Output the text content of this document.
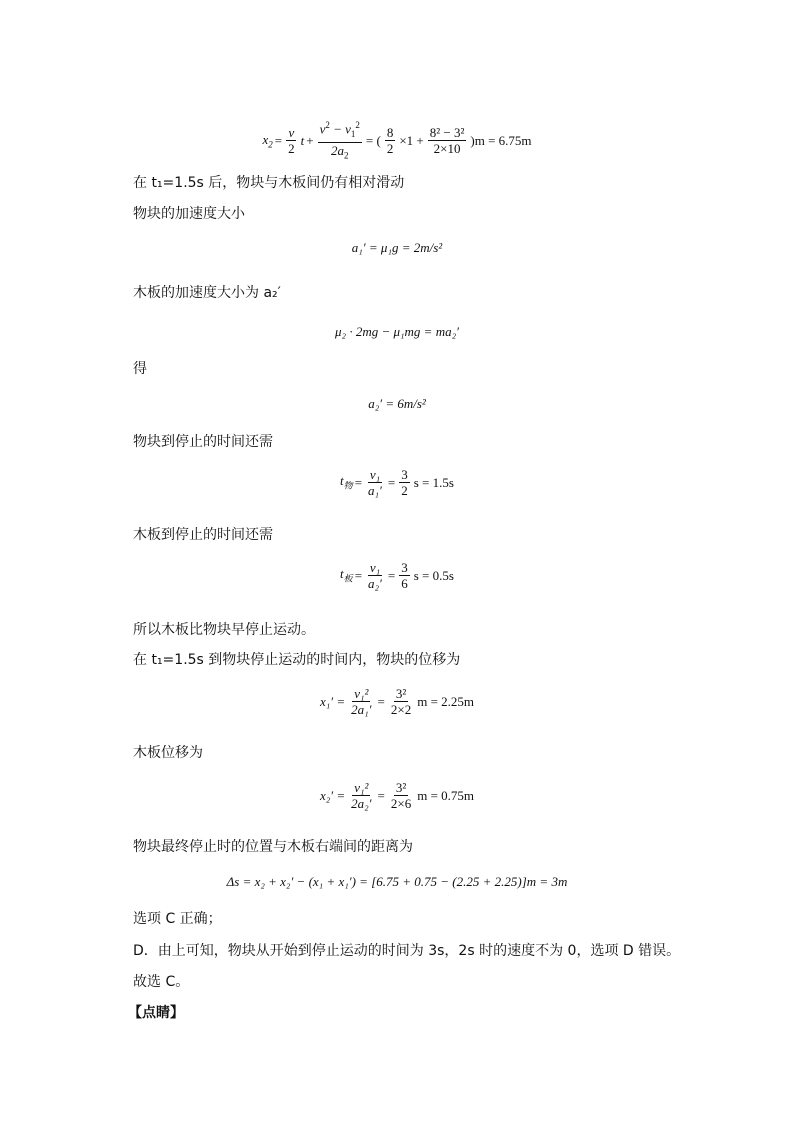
$x_2 = \frac{v}{2}$ $t + \frac{v^2 - v_1^2}{2a_2}$ = ( $\frac{8}{2} \times 1 + \frac{\text{8² − 3²}}{2\times 10} )m = 6.75m$
在 t₁=1.5s 后，物块与木板间仍有相对滑动
物块的加速度大小
a₁′ = μ₁g = 2m/s²
木板的加速度大小为 a₂′
μ₂ · 2mg − μ₁mg = ma₂′
得
a₂′ = 6m/s²
物块到停止的时间还需
$t_物 = \frac{\text{v₁}}{\text{a₁′}} = \frac{3}{2}$ s = 1.5s
木板到停止的时间还需
$t_板 = \frac{\text{v₁}}{\text{a₂′}} = \frac{3}{6}$ s = 0.5s
所以木板比物块早停止运动。
在 t₁=1.5s 到物块停止运动的时间内，物块的位移为
$x_1' = \frac{\text{v₁²}}{\text{2a₁′}} = \frac{\text{3²}}{2\times 2}$ m = 2.25m
木板位移为
$x_2' = \frac{\text{v₁²}}{\text{2a₂′}} = \frac{\text{3²}}{2\times 6}$ m = 0.75m
物块最终停止时的位置与木板右端间的距离为
Δs = x₂ + x₂′ − (x₁ + x₁′) = [6.75 + 0.75 − (2.25 + 2.25)]m = 3m
选项 C 正确；
D．由上可知，物块从开始到停止运动的时间为 3s，2s 时的速度不为 0，选项 D 错误。
故选 C。
【点睛】
